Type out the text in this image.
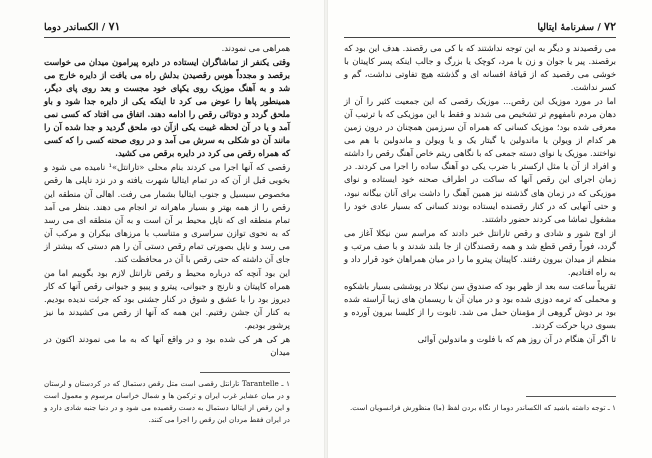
۷۱ / الکساندر دوما

همراهی می نمودند.

وقتی یکنفر از تماشاگران ایستاده در دایره پیرامون میدان می خواست برقصد و مجدداً هوس رقصیدن بدلش راه می یافت از دایره خارج می شد و به آهنگ موزیک روی یکپای خود مجست و بعد روی پای دیگر، همینطور پاها را عوض می کرد تا اینکه یکی از دایره جدا شود و باو ملحق گردد و دوتائی رقص را ادامه دهند. اتفاق می افتاد که کسی نمی آمد و یا در آن لحظه غیبت یکی ازآن دو، ملحق گردید و جدا شده آن را مانند آن دو شکلی به سرش می آمد و در روی صحنه کسی را که کسی که همراه رقص می کرد در دایره برقص می کشید.

رقصی که آنها اجرا می کردند بنام محلی «تارانتل»¹ نامیده می شود و بخوبی قبل از آن که در تمام ایتالیا شهرت یافته و در نزد ناپلی ها رقص مخصوص سیسیل و جنوب ایتالیا بشمار می رفت. اهالی آن منطقه این رقص را از همه بهتر و بسیار ماهرانه تر انجام می دهند. بنظر می آمد تمام منطقه ای که ناپل محیط بر آن است و به آن منطقه ای می رسد که به نحوی توازن سراسری و متناسب با مرزهای بیکران و مرکب آن می رسد و ناپل بصورتی تمام رقص دستی آن را هم دستی که بیشتر از جای آن داشته که حتی رقص با آن در محافظت کند.

این بود آنچه که درباره محیط و رقص تارانتل لازم بود بگوییم اما من همراه کاپیتان و نارنج و جیوانی، پیترو و پیپو و جیوانی رقص آنها که کار دیروز بود را با عشق و شوق در کنار جشنی بود که جرئت ندیده بودیم. به کنار آن جشن رفتیم. این همه که آنها از رقص می کشیدند ما نیز پرشور بودیم.

هر کی هر کی شده بود و در واقع آنها که به ما می نمودند اکنون در میدان

۱ ـ Tarantelle تارانتل رقصی است متل رقص دستمال که در کردستان و لرستان و در میان عشایر غرب ایران و ترکمن ها و شمال خراسان مرسوم و معمول است و این رقص از ایتالیا دستمال به دست رقصیده می شود و در دنیا جنبه شادی دارد و در ایران فقط مردان این رقص را اجرا می کنند.
۷۲ / سفرنامهٔ ایتالیا

می رقصیدند و دیگر به این توجه نداشتند که با کی می رقصند. هدف این بود که برقصند. پیر یا جوان و زن یا مرد، کوچک یا بزرگ و جالب اینکه پسر کاپیتان با خوشی می رقصید که از قیافهٔ افسانه ای و گذشته هیچ تفاوتی نداشت، گم و کسر نداشت.

اما در مورد موزیک این رقص... موزیک رقصی که این جمعیت کثیر را آن از دهان مردم نامفهوم تر تشخیص می شدند و فقط با این موزیکی که با ترتیب آن معرفی شده بود؛ موزیک کسانی که همراه آن سرزمین همچنان در درون زمین هر کدام از ویولن یا ماندولین یا گیتار یک و یا ویولن و ماندولین با هم می نواختند. موزیک یا نوای دسته جمعی که با نگاهی ریتم خاص آهنگ رقص را داشته و افراد از آن یا مثل ارکستر با ضرب یکی دو آهنگ ساده را اجرا می کردند. در زمان اجرای این رقص آنها که ساکت در اطراف صحنه خود ایستاده و نوای موزیکی که در زمان های گذشته نیز همین آهنگ را داشت برای آنان بیگانه نبود، و حتی آنهایی که در کنار رقصنده ایستاده بودند کسانی که بسیار عادی خود را مشغول تماشا می کردند حضور داشتند.

از اوج شور و شادی و رقص تارانتل خبر دادند که مراسم سن نیکلا آغاز می گردد، فوراً رقص قطع شد و همه رقصندگان از جا بلند شدند و با صف مرتب و منظم از میدان بیرون رفتند. کاپیتان پیترو ما را در میان همراهان خود قرار داد و به راه افتادیم.

تقریباً ساعت سه بعد از ظهر بود که صندوق سن نیکلا در پوششی بسیار باشکوه و محملی که ترمه دوزی شده بود و در میان آن با ریسمان های زیبا آراسته شده بود بر دوش گروهی از مؤمنان حمل می شد. تابوت را از کلیسا بیرون آورده و بسوی دریا حرکت کردند.

تا اگر آن هنگام در آن روز هم که با فلوت و ماندولین آوائی

۱ ـ توجه داشته باشید که الکساندر دوما از نگاه بردن لفظ (ما) منظورش فرانسویان است.
